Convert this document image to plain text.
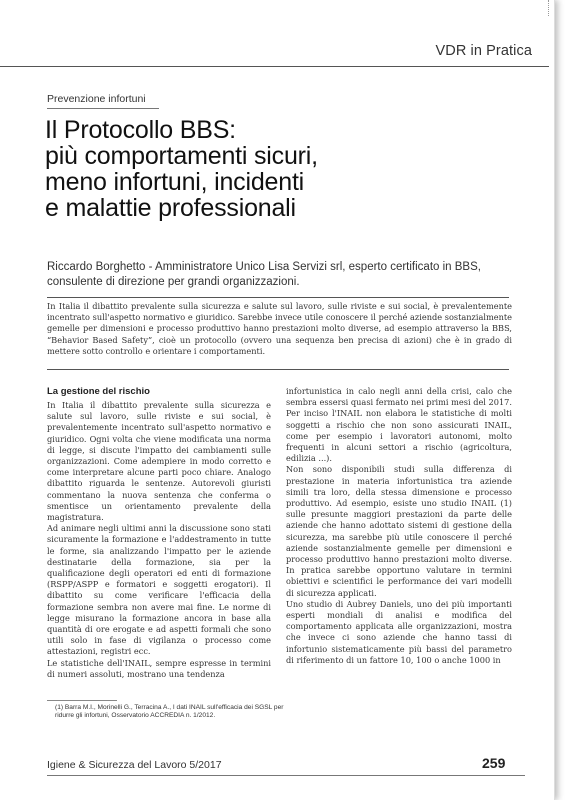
VDR in Pratica
Prevenzione infortuni
Il Protocollo BBS:
più comportamenti sicuri,
meno infortuni, incidenti
e malattie professionali
Riccardo Borghetto - Amministratore Unico Lisa Servizi srl, esperto certificato in BBS, consulente di direzione per grandi organizzazioni.
In Italia il dibattito prevalente sulla sicurezza e salute sul lavoro, sulle riviste e sui social, è prevalentemente incentrato sull'aspetto normativo e giuridico. Sarebbe invece utile conoscere il perché aziende sostanzialmente gemelle per dimensioni e processo produttivo hanno prestazioni molto diverse, ad esempio attraverso la BBS, “Behavior Based Safety”, cioè un protocollo (ovvero una sequenza ben precisa di azioni) che è in grado di mettere sotto controllo e orientare i comportamenti.
La gestione del rischio

In Italia il dibattito prevalente sulla sicurezza e salute sul lavoro, sulle riviste e sui social, è prevalentemente incentrato sull'aspetto normativo e giuridico. Ogni volta che viene modificata una norma di legge, si discute l'impatto dei cambiamenti sulle organizzazioni. Come adempiere in modo corretto e come interpretare alcune parti poco chiare. Analogo dibattito riguarda le sentenze. Autorevoli giuristi commentano la nuova sentenza che conferma o smentisce un orientamento prevalente della magistratura.

Ad animare negli ultimi anni la discussione sono stati sicuramente la formazione e l'addestramento in tutte le forme, sia analizzando l'impatto per le aziende destinatarie della formazione, sia per la qualificazione degli operatori ed enti di formazione (RSPP/ASPP e formatori e soggetti erogatori). Il dibattito su come verificare l'efficacia della formazione sembra non avere mai fine. Le norme di legge misurano la formazione ancora in base alla quantità di ore erogate e ad aspetti formali che sono utili solo in fase di vigilanza o processo come attestazioni, registri ecc.

Le statistiche dell'INAIL, sempre espresse in termini di numeri assoluti, mostrano una tendenza

infortunistica in calo negli anni della crisi, calo che sembra essersi quasi fermato nei primi mesi del 2017. Per inciso l'INAIL non elabora le statistiche di molti soggetti a rischio che non sono assicurati INAIL, come per esempio i lavoratori autonomi, molto frequenti in alcuni settori a rischio (agricoltura, edilizia ...).

Non sono disponibili studi sulla differenza di prestazione in materia infortunistica tra aziende simili tra loro, della stessa dimensione e processo produttivo. Ad esempio, esiste uno studio INAIL (1) sulle presunte maggiori prestazioni da parte delle aziende che hanno adottato sistemi di gestione della sicurezza, ma sarebbe più utile conoscere il perché aziende sostanzialmente gemelle per dimensioni e processo produttivo hanno prestazioni molto diverse. In pratica sarebbe opportuno valutare in termini obiettivi e scientifici le performance dei vari modelli di sicurezza applicati.

Uno studio di Aubrey Daniels, uno dei più importanti esperti mondiali di analisi e modifica del comportamento applicata alle organizzazioni, mostra che invece ci sono aziende che hanno tassi di infortunio sistematicamente più bassi del parametro di riferimento di un fattore 10, 100 o anche 1000 in

(1) Barra M.I., Morinelli G., Terracina A., I dati INAIL sull'efficacia dei SGSL per ridurre gli infortuni, Osservatorio ACCREDIA n. 1/2012.
Igiene & Sicurezza del Lavoro 5/2017	259
